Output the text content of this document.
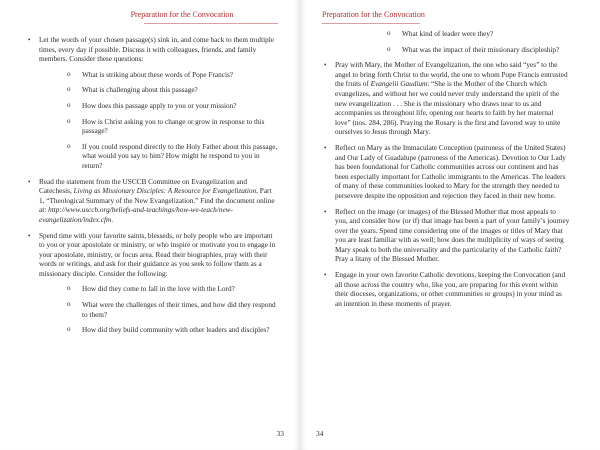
Preparation for the Convocation
• Let the words of your chosen passage(s) sink in, and come back to them multiple times, every day if possible. Discuss it with colleagues, friends, and family members. Consider these questions:
o What is striking about these words of Pope Francis?
o What is challenging about this passage?
o How does this passage apply to you or your mission?
o How is Christ asking you to change or grow in response to this passage?
o If you could respond directly to the Holy Father about this passage, what would you say to him? How might he respond to you in return?
• Read the statement from the USCCB Committee on Evangelization and Catechesis, Living as Missionary Disciples: A Resource for Evangelization, Part 1, “Theological Summary of the New Evangelization.” Find the document online at: http://www.usccb.org/beliefs-and-teachings/how-we-teach/new-evangelization/index.cfm.
• Spend time with your favorite saints, blesseds, or holy people who are important to you or your apostolate or ministry, or who inspire or motivate you to engage in your apostolate, ministry, or focus area. Read their biographies, pray with their words or writings, and ask for their guidance as you seek to follow them as a missionary disciple. Consider the following:
o How did they come to fall in the love with the Lord?
o What were the challenges of their times, and how did they respond to them?
o How did they build community with other leaders and disciples?
33
Preparation for the Convocation
o What kind of leader were they?
o What was the impact of their missionary discipleship?
• Pray with Mary, the Mother of Evangelization, the one who said “yes” to the angel to bring forth Christ to the world, the one to whom Pope Francis entrusted the fruits of Evangelii Gaudium: “She is the Mother of the Church which evangelizes, and without her we could never truly understand the spirit of the new evangelization . . . She is the missionary who draws near to us and accompanies us throughout life, opening our hearts to faith by her maternal love” (nos. 284, 286). Praying the Rosary is the first and favored way to unite ourselves to Jesus through Mary.
• Reflect on Mary as the Immaculate Conception (patroness of the United States) and Our Lady of Guadalupe (patroness of the Americas). Devotion to Our Lady has been foundational for Catholic communities across our continent and has been especially important for Catholic immigrants to the Americas. The leaders of many of these communities looked to Mary for the strength they needed to persevere despite the opposition and rejection they faced in their new home.
• Reflect on the image (or images) of the Blessed Mother that most appeals to you, and consider how (or if) that image has been a part of your family’s journey over the years. Spend time considering one of the images or titles of Mary that you are least familiar with as well; how does the multiplicity of ways of seeing Mary speak to both the universality and the particularity of the Catholic faith? Pray a litany of the Blessed Mother.
• Engage in your own favorite Catholic devotions, keeping the Convocation (and all those across the country who, like you, are preparing for this event within their dioceses, organizations, or other communities or groups) in your mind as an intention in these moments of prayer.
34
